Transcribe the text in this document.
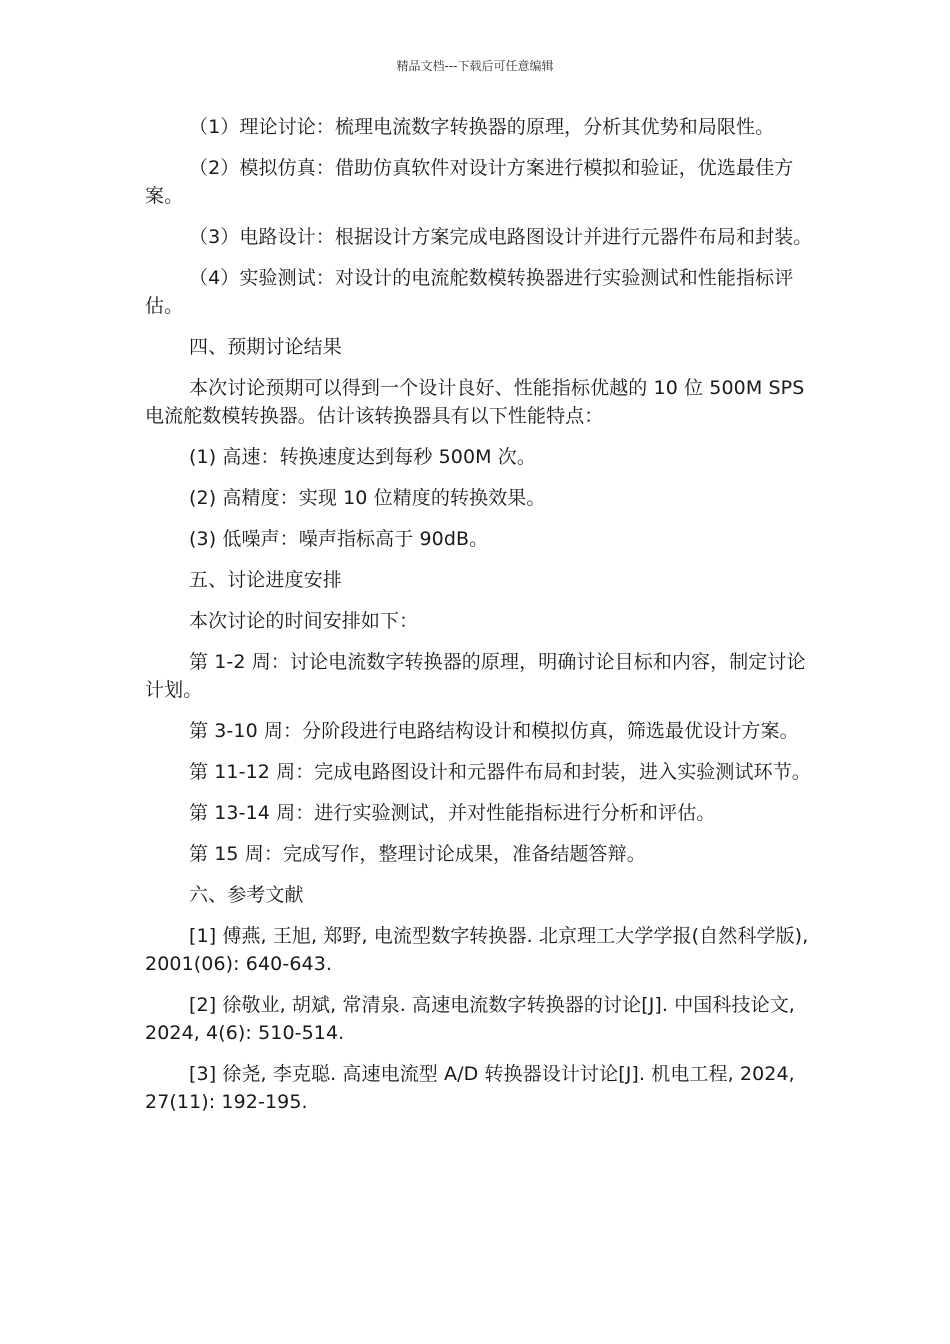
精品文档---下载后可任意编辑

（1）理论讨论：梳理电流数字转换器的原理，分析其优势和局限性。

（2）模拟仿真：借助仿真软件对设计方案进行模拟和验证，优选最佳方案。

（3）电路设计：根据设计方案完成电路图设计并进行元器件布局和封装。

（4）实验测试：对设计的电流舵数模转换器进行实验测试和性能指标评估。

四、预期讨论结果

本次讨论预期可以得到一个设计良好、性能指标优越的 10 位 500M SPS 电流舵数模转换器。估计该转换器具有以下性能特点：

(1) 高速：转换速度达到每秒 500M 次。

(2) 高精度：实现 10 位精度的转换效果。

(3) 低噪声：噪声指标高于 90dB。

五、讨论进度安排

本次讨论的时间安排如下：

第 1-2 周：讨论电流数字转换器的原理，明确讨论目标和内容，制定讨论计划。

第 3-10 周：分阶段进行电路结构设计和模拟仿真，筛选最优设计方案。

第 11-12 周：完成电路图设计和元器件布局和封装，进入实验测试环节。

第 13-14 周：进行实验测试，并对性能指标进行分析和评估。

第 15 周：完成写作，整理讨论成果，准备结题答辩。

六、参考文献

[1] 傅燕, 王旭, 郑野, 电流型数字转换器. 北京理工大学学报(自然科学版), 2001(06): 640-643.

[2] 徐敬业, 胡斌, 常清泉. 高速电流数字转换器的讨论[J]. 中国科技论文, 2024, 4(6): 510-514.

[3] 徐尧, 李克聪. 高速电流型 A/D 转换器设计讨论[J]. 机电工程, 2024, 27(11): 192-195.
